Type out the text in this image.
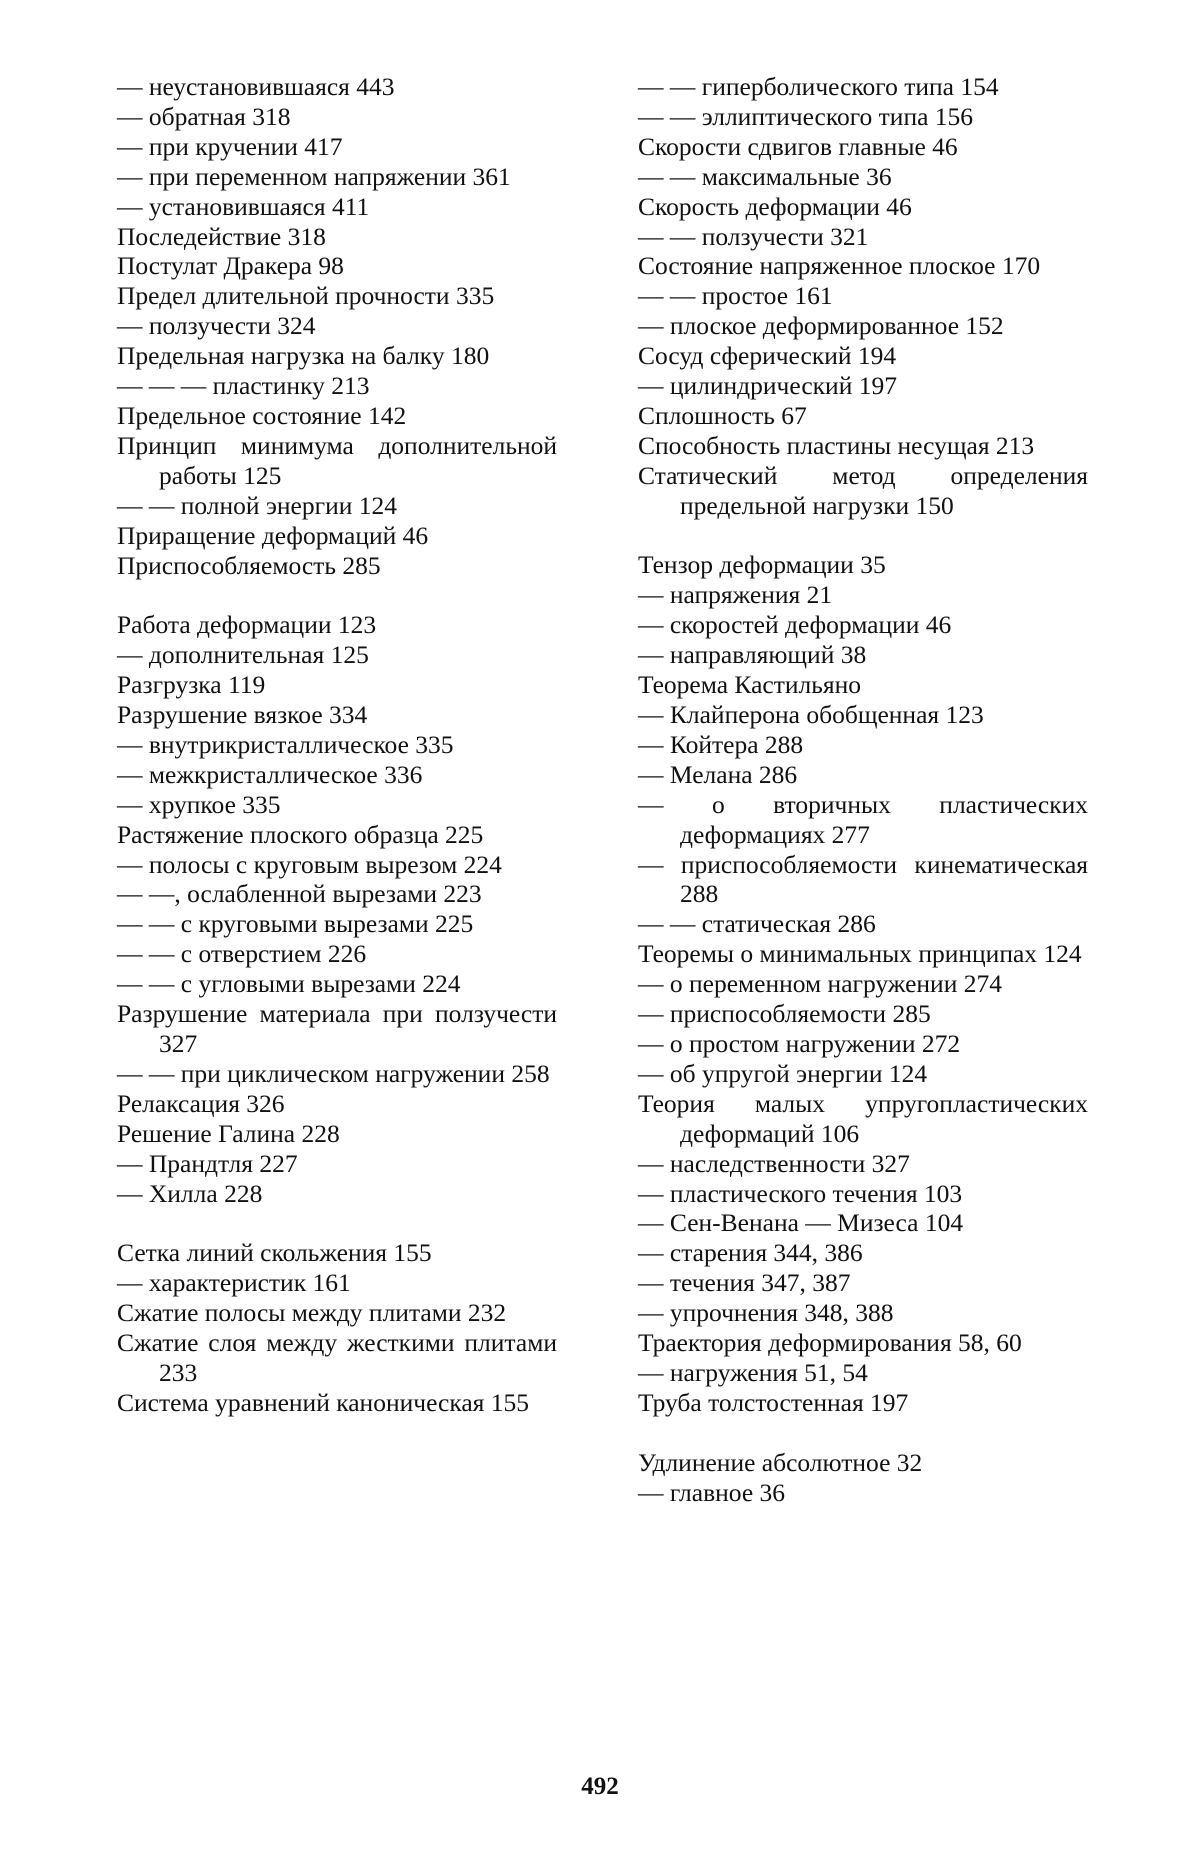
— неустановившаяся 443
— обратная 318
— при кручении 417
— при переменном напряжении 361
— установившаяся 411
Последействие 318
Постулат Дракера 98
Предел длительной прочности 335
— ползучести 324
Предельная нагрузка на балку 180
— — — пластинку 213
Предельное состояние 142
Принцип минимума дополнительной работы 125
— — полной энергии 124
Приращение деформаций 46
Приспособляемость 285
Работа деформации 123
— дополнительная 125
Разгрузка 119
Разрушение вязкое 334
— внутрикристаллическое 335
— межкристаллическое 336
— хрупкое 335
Растяжение плоского образца 225
— полосы с круговым вырезом 224
— —, ослабленной вырезами 223
— — с круговыми вырезами 225
— — с отверстием 226
— — с угловыми вырезами 224
Разрушение материала при ползучести 327
— — при циклическом нагружении 258
Релаксация 326
Решение Галина 228
— Прандтля 227
— Хилла 228
Сетка линий скольжения 155
— характеристик 161
Сжатие полосы между плитами 232
Сжатие слоя между жесткими плитами 233
Система уравнений каноническая 155
— — гиперболического типа 154
— — эллиптического типа 156
Скорости сдвигов главные 46
— — максимальные 36
Скорость деформации 46
— — ползучести 321
Состояние напряженное плоское 170
— — простое 161
— плоское деформированное 152
Сосуд сферический 194
— цилиндрический 197
Сплошность 67
Способность пластины несущая 213
Статический метод определения предельной нагрузки 150
Тензор деформации 35
— напряжения 21
— скоростей деформации 46
— направляющий 38
Теорема Кастильяно
— Клайперона обобщенная 123
— Койтера 288
— Мелана 286
— о вторичных пластических деформациях 277
— приспособляемости кинематическая 288
— — статическая 286
Теоремы о минимальных принципах 124
— о переменном нагружении 274
— приспособляемости 285
— о простом нагружении 272
— об упругой энергии 124
Теория малых упругопластических деформаций 106
— наследственности 327
— пластического течения 103
— Сен-Венана — Мизеса 104
— старения 344, 386
— течения 347, 387
— упрочнения 348, 388
Траектория деформирования 58, 60
— нагружения 51, 54
Труба толстостенная 197
Удлинение абсолютное 32
— главное 36
492
